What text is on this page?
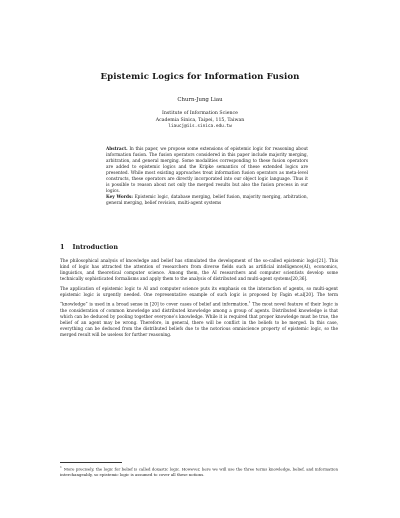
Epistemic Logics for Information Fusion
Churn-Jung Liau
Institute of Information Science
Academia Sinica, Taipei, 115, Taiwan
liaucj@iis.sinica.edu.tw
Abstract. In this paper, we propose some extensions of epistemic logic for reasoning about information fusion. The fusion operators considered in this paper include majority merging, arbitration, and general merging. Some modalities corresponding to these fusion operators are added to epistemic logics and the Kripke semantics of these extended logics are presented. While most existing approaches treat information fusion operators as meta-level constructs, these operators are directly incorporated into our object logic language. Thus it is possible to reason about not only the merged results but also the fusion process in our logics.
Key Words: Epistemic logic, database merging, belief fusion, majority merging, arbitration, general merging, belief revision, multi-agent systems
1 Introduction

The philosophical analysis of knowledge and belief has stimulated the development of the so-called epistemic logic[21]. This kind of logic has attracted the attention of researchers from diverse fields such as artificial intelligence(AI), economics, linguistics, and theoretical computer science. Among them, the AI researchers and computer scientists develop some technically sophisticated formalisms and apply them to the analysis of distributed and multi-agent systems[20,36].

The application of epistemic logic to AI and computer science puts its emphasis on the interaction of agents, so multi-agent epistemic logic is urgently needed. One representative example of such logic is proposed by Fagin et.al[20]. The term “knowledge” is used in a broad sense in [20] to cover cases of belief and information.$^1$ The most novel feature of their logic is the consideration of common knowledge and distributed knowledge among a group of agents. Distributed knowledge is that which can be deduced by pooling together everyone’s knowledge. While it is required that proper knowledge must be true, the belief of an agent may be wrong. Therefore, in general, there will be conflict in the beliefs to be merged. In this case, everything can be deduced from the distributed beliefs due to the notorious omniscience property of epistemic logic, so the merged result will be useless for further reasoning.

$^1$ More precisely, the logic for belief is called doxastic logic. However, here we will use the three terms knowledge, belief, and information interchangeably, so epistemic logic is assumed to cover all these notions.
